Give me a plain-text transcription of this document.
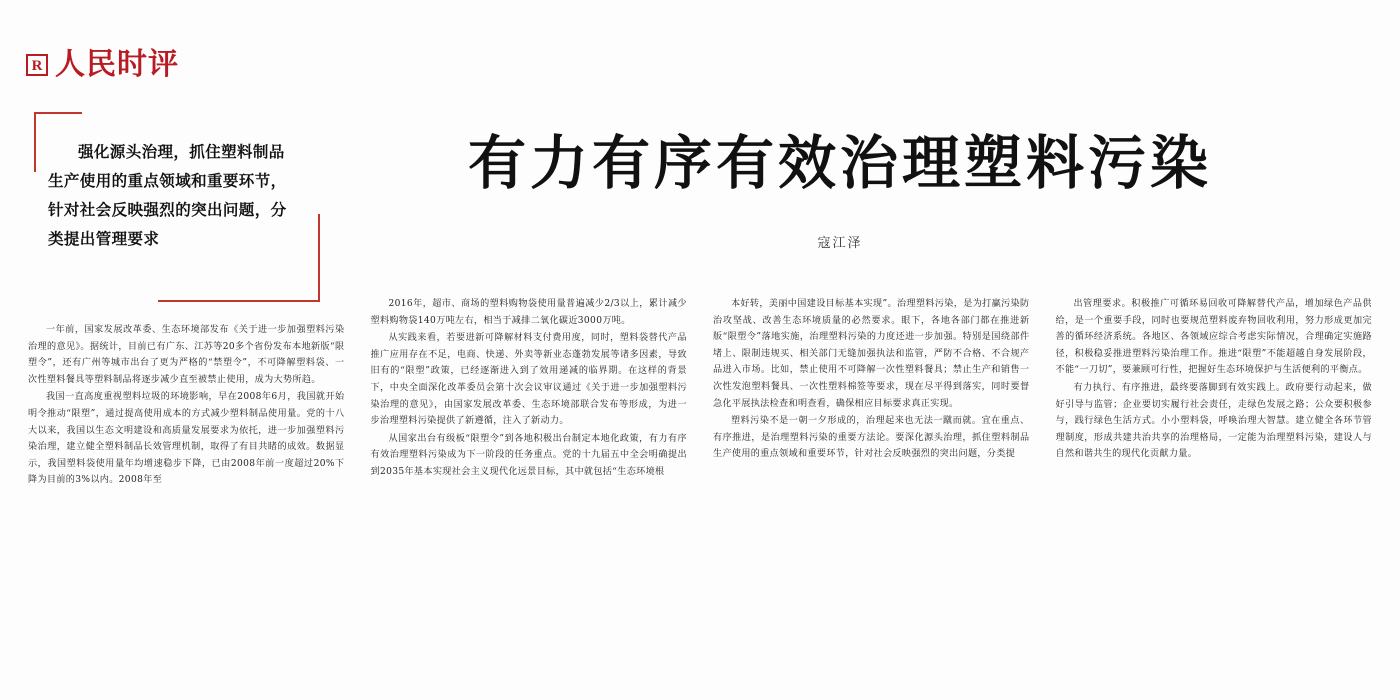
R 人民时评
强化源头治理，抓住塑料制品生产使用的重点领域和重要环节，针对社会反映强烈的突出问题，分类提出管理要求
有力有序有效治理塑料污染
寇江泽

一年前，国家发展改革委、生态环境部发布《关于进一步加强塑料污染治理的意见》。据统计，目前已有广东、江苏等20多个省份发布本地新版“限塑令”，还有广州等城市出台了更为严格的“禁塑令”，不可降解塑料袋、一次性塑料餐具等塑料制品将逐步减少直至被禁止使用，成为大势所趋。

我国一直高度重视塑料垃圾的环境影响，早在2008年6月，我国就开始明令推动“限塑”，通过提高使用成本的方式减少塑料制品使用量。党的十八大以来，我国以生态文明建设和高质量发展要求为依托，进一步加强塑料污染治理，建立健全塑料制品长效管理机制，取得了有目共睹的成效。数据显示，我国塑料袋使用量年均增速稳步下降，已由2008年前一度超过20%下降为目前的3%以内。2008年至

2016年，超市、商场的塑料购物袋使用量普遍减少2/3以上，累计减少塑料购物袋140万吨左右，相当于减排二氧化碳近3000万吨。

从实践来看，若要进新可降解材料支付费用度，同时，塑料袋替代产品推广应用存在不足，电商、快递、外卖等新业态蓬勃发展等诸多因素，导致旧有的“限塑”政策，已经逐渐进入到了效用递减的临界期。在这样的背景下，中央全面深化改革委员会第十次会议审议通过《关于进一步加强塑料污染治理的意见》，由国家发展改革委、生态环境部联合发布等形成，为进一步治理塑料污染提供了新遵循，注入了新动力。

从国家出台有级板“限塑令”到各地积极出台制定本地化政策，有力有序有效治理塑料污染成为下一阶段的任务重点。党的十九届五中全会明确提出到2035年基本实现社会主义现代化远景目标，其中就包括“生态环境根

本好转，美丽中国建设目标基本实现”。治理塑料污染，是为打赢污染防治攻坚战、改善生态环境质量的必然要求。眼下，各地各部门都在推进新版“限塑令”落地实施，治理塑料污染的力度还进一步加强。特别是国绕部件堵上、限制违规买、相关部门无缝加强执法和监管，严防不合格、不合规产品进入市场。比如，禁止使用不可降解一次性塑料餐具；禁止生产和销售一次性发泡塑料餐具、一次性塑料棉签等要求，现在尽平得到落实，同时要督急化平展执法检查和明查看，确保相应目标要求真正实现。

塑料污染不是一朝一夕形成的，治理起来也无法一蹴而就。宜在重点、有序推进，是治理塑料污染的重要方法论。要深化源头治理，抓住塑料制品生产使用的重点领域和重要环节，针对社会反映强烈的突出问题，分类提

出管理要求。积极推广可循环易回收可降解替代产品，增加绿色产品供给，是一个重要手段，同时也要规范塑料废弃物回收利用，努力形成更加完善的循环经济系统。各地区、各领域应综合考虑实际情况，合理确定实施路径，积极稳妥推进塑料污染治理工作。推进“限塑”不能超越自身发展阶段，不能“一刀切”，要兼顾可行性，把握好生态环境保护与生活便利的平衡点。

有力执行、有序推进，最终要落脚到有效实践上。政府要行动起来，做好引导与监管；企业要切实履行社会责任，走绿色发展之路；公众要积极参与，践行绿色生活方式。小小塑料袋，呼唤治理大智慧。建立健全各环节管理制度，形成共建共治共享的治理格局，一定能为治理塑料污染，建设人与自然和谐共生的现代化贡献力量。
